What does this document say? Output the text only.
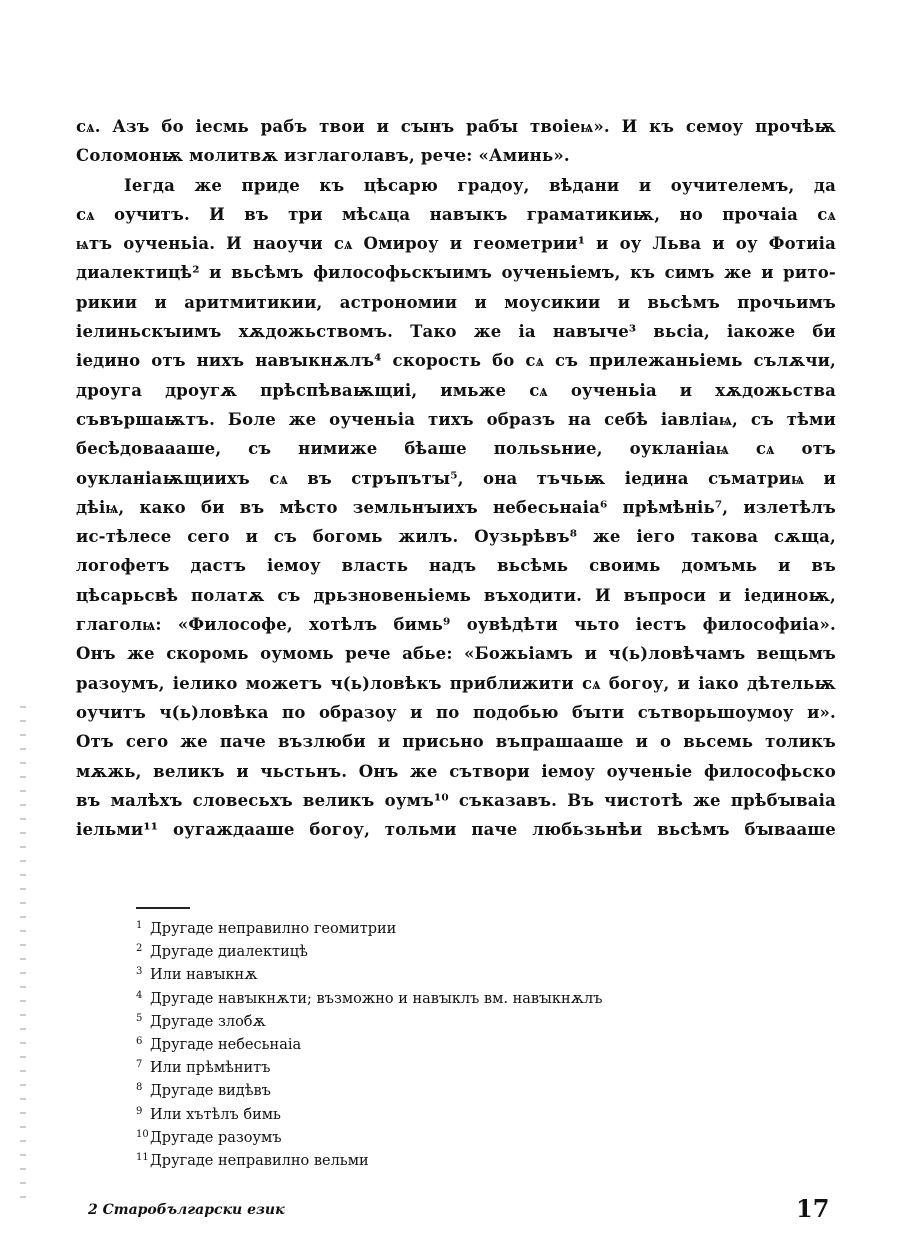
сѧ. Азъ бо iесмь рабъ твои и сꙑнъ рабꙑ твоiеѩ». И къ семоу прочѣѭ
Соломонѭ молитвѫ изглаголавъ, рече: «Аминь».
Iегда же приде къ цѣсарю градоу, вѣдани и оучителемъ, да
сѧ оучитъ. И въ три мѣсѧца навꙑкъ граматикиѭ, но прочаiа сѧ
ѩтъ оученьiа. И наоучи сѧ Омироу и геометрии¹ и оу Льва и оу Фотиiа
диалектицѣ² и вьсѣмъ философьскꙑимъ оученьiемъ, къ симъ же и рито-
рикии и аритмитикии, астрономии и моусикии и вьсѣмъ прочьимъ
iелиньскꙑимъ хѫдожьствомъ. Тако же iа навꙑче³ вьсiа, iакоже би
iедино отъ нихъ навꙑкнѫлъ⁴ скорость бо сѧ съ прилежаньiемь сълѫчи,
дроуга дроугѫ прѣспѣваѭщиi, имьже сѧ оученьiа и хѫдожьства
съвършаѭтъ. Боле же оученьiа тихъ образъ на себѣ iавлiаѩ, съ тѣми
бесѣдоваааше, съ нимиже бѣаше польѕьние, оукланiаѩ сѧ отъ
оукланiаѭщиихъ сѧ въ стръпътꙑ⁵, она тъчьѭ iедина съматриѩ и
дѣiѩ, како би въ мѣсто земльнꙑихъ небесьнаiа⁶ прѣмѣнiь⁷, излетѣлъ
ис-тѣлесе сего и съ богомь жилъ. Оузьрѣвъ⁸ же iего такова сѫща,
логофетъ дастъ iемоу власть надъ вьсѣмь своимь домъмь и въ
цѣсарьсвѣ полатѫ съ дрьзновеньiемь въходити. И въпроси и iединоѭ,
глаголѩ: «Философе, хотѣлъ бимь⁹ оувѣдѣти чьто iестъ философиiа».
Онъ же скоромь оумомь рече абье: «Божьiамъ и ч(ь)ловѣчамъ вещьмъ
разоумъ, iелико можетъ ч(ь)ловѣкъ приближити сѧ богоу, и iако дѣтельѭ
оучитъ ч(ь)ловѣка по образоу и по подобью бꙑти сътворьшоумоу и».
Отъ сего же паче възлюби и присьно въпрашааше и о вьсемь толикъ
мѫжь, великъ и чьстьнъ. Онъ же сътвори iемоу оученьiе философьско
въ малѣхъ словесьхъ великъ оумъ¹⁰ съказавъ. Въ чистотѣ же прѣбꙑваiа
iельми¹¹ оугаждааше богоу, тольми паче любьзьнѣи вьсѣмъ бꙑвааше
1 Другаде неправилно геомитрии
2 Другаде диалектицѣ
3 Или навꙑкнѫ
4 Другаде навꙑкнѫти; възможно и навꙑклъ вм. навꙑкнѫлъ
5 Другаде злобѫ
6 Другаде небесьнаiа
7 Или прѣмѣнитъ
8 Другаде видѣвъ
9 Или хътѣлъ бимь
10Другаде разоумъ
11Другаде неправилно вельми
2 Старобългарски език	17
